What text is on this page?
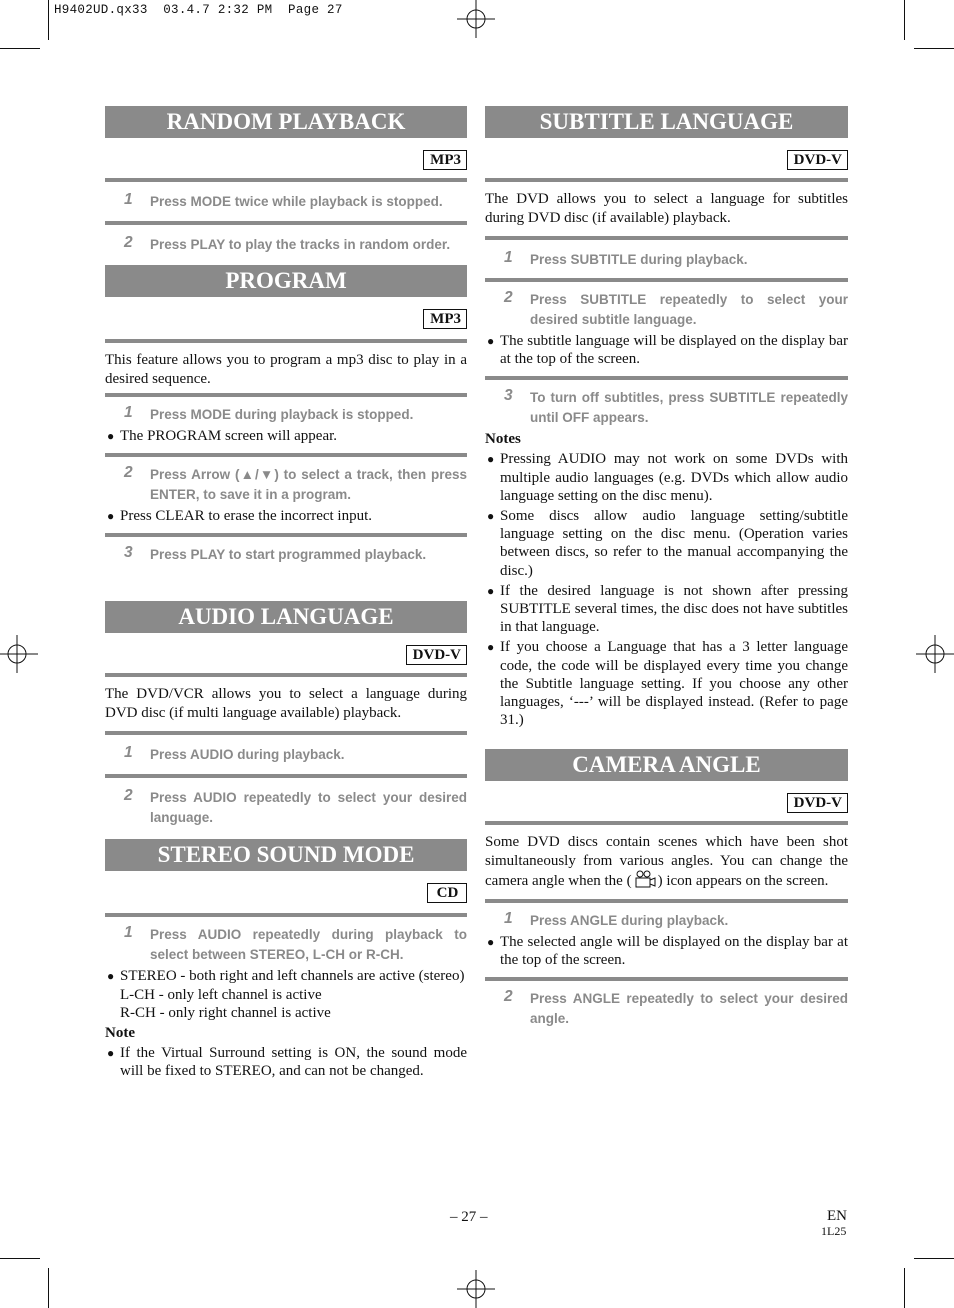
H9402UD.qx33  03.4.7 2:32 PM  Page 27
RANDOM PLAYBACK
MP3
1 Press MODE twice while playback is stopped.
2 Press PLAY to play the tracks in random order.
PROGRAM
MP3
This feature allows you to program a mp3 disc to play in a desired sequence.
1 Press MODE during playback is stopped.
● The PROGRAM screen will appear.
2 Press Arrow (▲/▼) to select a track, then press ENTER, to save it in a program.
● Press CLEAR to erase the incorrect input.
3 Press PLAY to start programmed playback.
AUDIO LANGUAGE
DVD-V
The DVD/VCR allows you to select a language during DVD disc (if multi language available) playback.
1 Press AUDIO during playback.
2 Press AUDIO repeatedly to select your desired language.
STEREO SOUND MODE
CD
1 Press AUDIO repeatedly during playback to select between STEREO, L-CH or R-CH.
● STEREO - both right and left channels are active (stereo)
L-CH - only left channel is active
R-CH - only right channel is active
Note
● If the Virtual Surround setting is ON, the sound mode will be fixed to STEREO, and can not be changed.
SUBTITLE LANGUAGE
DVD-V
The DVD allows you to select a language for subtitles during DVD disc (if available) playback.
1 Press SUBTITLE during playback.
2 Press SUBTITLE repeatedly to select your desired subtitle language.
● The subtitle language will be displayed on the display bar at the top of the screen.
3 To turn off subtitles, press SUBTITLE repeatedly until OFF appears.
Notes
● Pressing AUDIO may not work on some DVDs with multiple audio languages (e.g. DVDs which allow audio language setting on the disc menu).
● Some discs allow audio language setting/subtitle language setting on the disc menu. (Operation varies between discs, so refer to the manual accompanying the disc.)
● If the desired language is not shown after pressing SUBTITLE several times, the disc does not have subtitles in that language.
● If you choose a Language that has a 3 letter language code, the code will be displayed every time you change the Subtitle language setting. If you choose any other languages, ‘---’ will be displayed instead. (Refer to page 31.)
CAMERA ANGLE
DVD-V
Some DVD discs contain scenes which have been shot simultaneously from various angles. You can change the camera angle when the ( ) icon appears on the screen.
1 Press ANGLE during playback.
● The selected angle will be displayed on the display bar at the top of the screen.
2 Press ANGLE repeatedly to select your desired angle.
– 27 –	EN
1L25
